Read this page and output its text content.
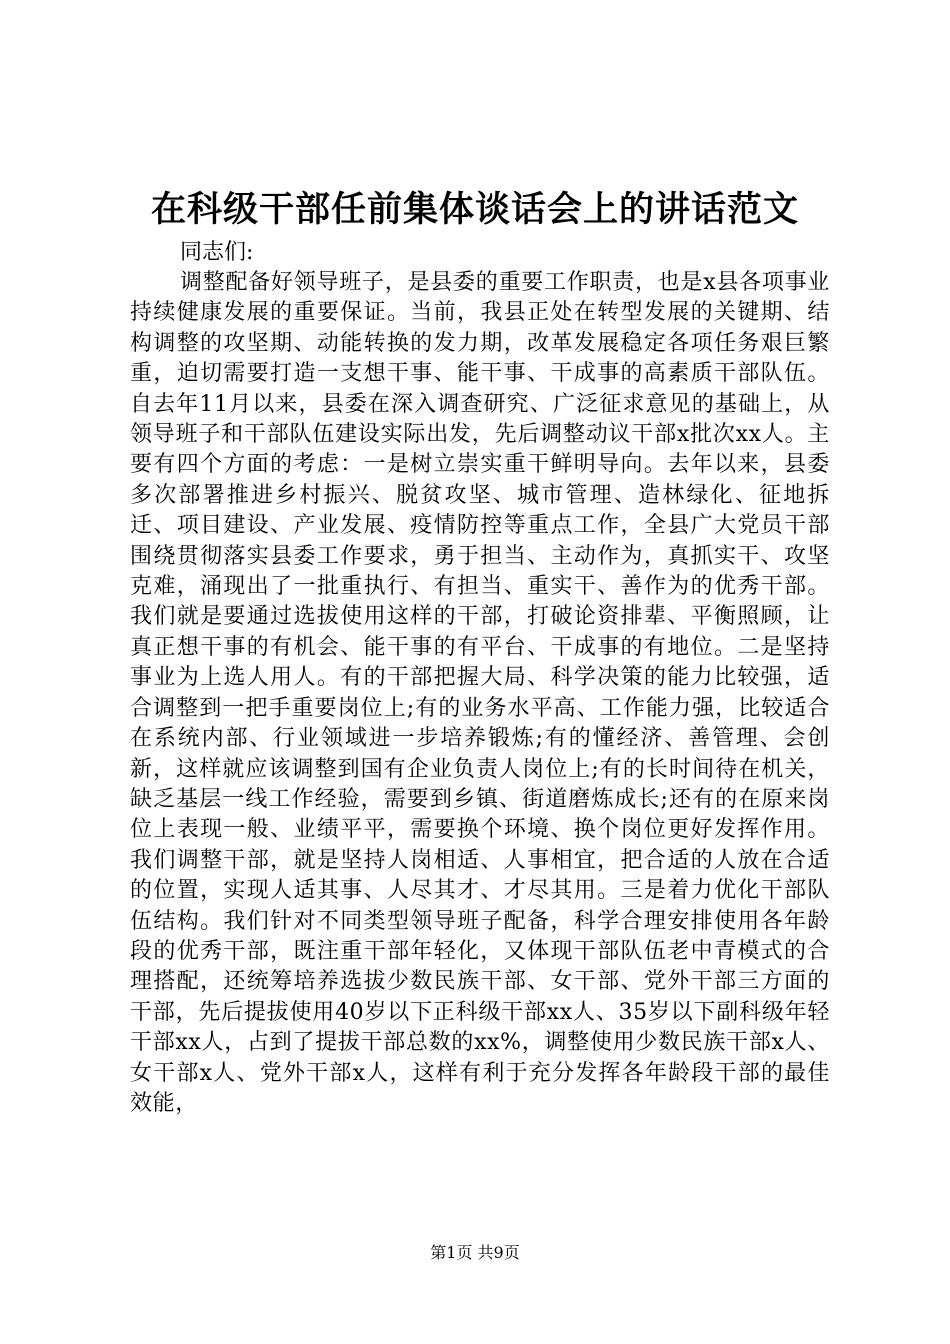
在科级干部任前集体谈话会上的讲话范文

同志们:

调整配备好领导班子，是县委的重要工作职责，也是x县各项事业持续健康发展的重要保证。当前，我县正处在转型发展的关键期、结构调整的攻坚期、动能转换的发力期，改革发展稳定各项任务艰巨繁重，迫切需要打造一支想干事、能干事、干成事的高素质干部队伍。自去年11月以来，县委在深入调查研究、广泛征求意见的基础上，从领导班子和干部队伍建设实际出发，先后调整动议干部x批次xx人。主要有四个方面的考虑：一是树立崇实重干鲜明导向。去年以来，县委多次部署推进乡村振兴、脱贫攻坚、城市管理、造林绿化、征地拆迁、项目建设、产业发展、疫情防控等重点工作，全县广大党员干部围绕贯彻落实县委工作要求，勇于担当、主动作为，真抓实干、攻坚克难，涌现出了一批重执行、有担当、重实干、善作为的优秀干部。我们就是要通过选拔使用这样的干部，打破论资排辈、平衡照顾，让真正想干事的有机会、能干事的有平台、干成事的有地位。二是坚持事业为上选人用人。有的干部把握大局、科学决策的能力比较强，适合调整到一把手重要岗位上;有的业务水平高、工作能力强，比较适合在系统内部、行业领域进一步培养锻炼;有的懂经济、善管理、会创新，这样就应该调整到国有企业负责人岗位上;有的长时间待在机关，缺乏基层一线工作经验，需要到乡镇、街道磨炼成长;还有的在原来岗位上表现一般、业绩平平，需要换个环境、换个岗位更好发挥作用。我们调整干部，就是坚持人岗相适、人事相宜，把合适的人放在合适的位置，实现人适其事、人尽其才、才尽其用。三是着力优化干部队伍结构。我们针对不同类型领导班子配备，科学合理安排使用各年龄段的优秀干部，既注重干部年轻化，又体现干部队伍老中青模式的合理搭配，还统筹培养选拔少数民族干部、女干部、党外干部三方面的干部，先后提拔使用40岁以下正科级干部xx人、35岁以下副科级年轻干部xx人，占到了提拔干部总数的xx%，调整使用少数民族干部x人、女干部x人、党外干部x人，这样有利于充分发挥各年龄段干部的最佳效能，

第1页 共9页
